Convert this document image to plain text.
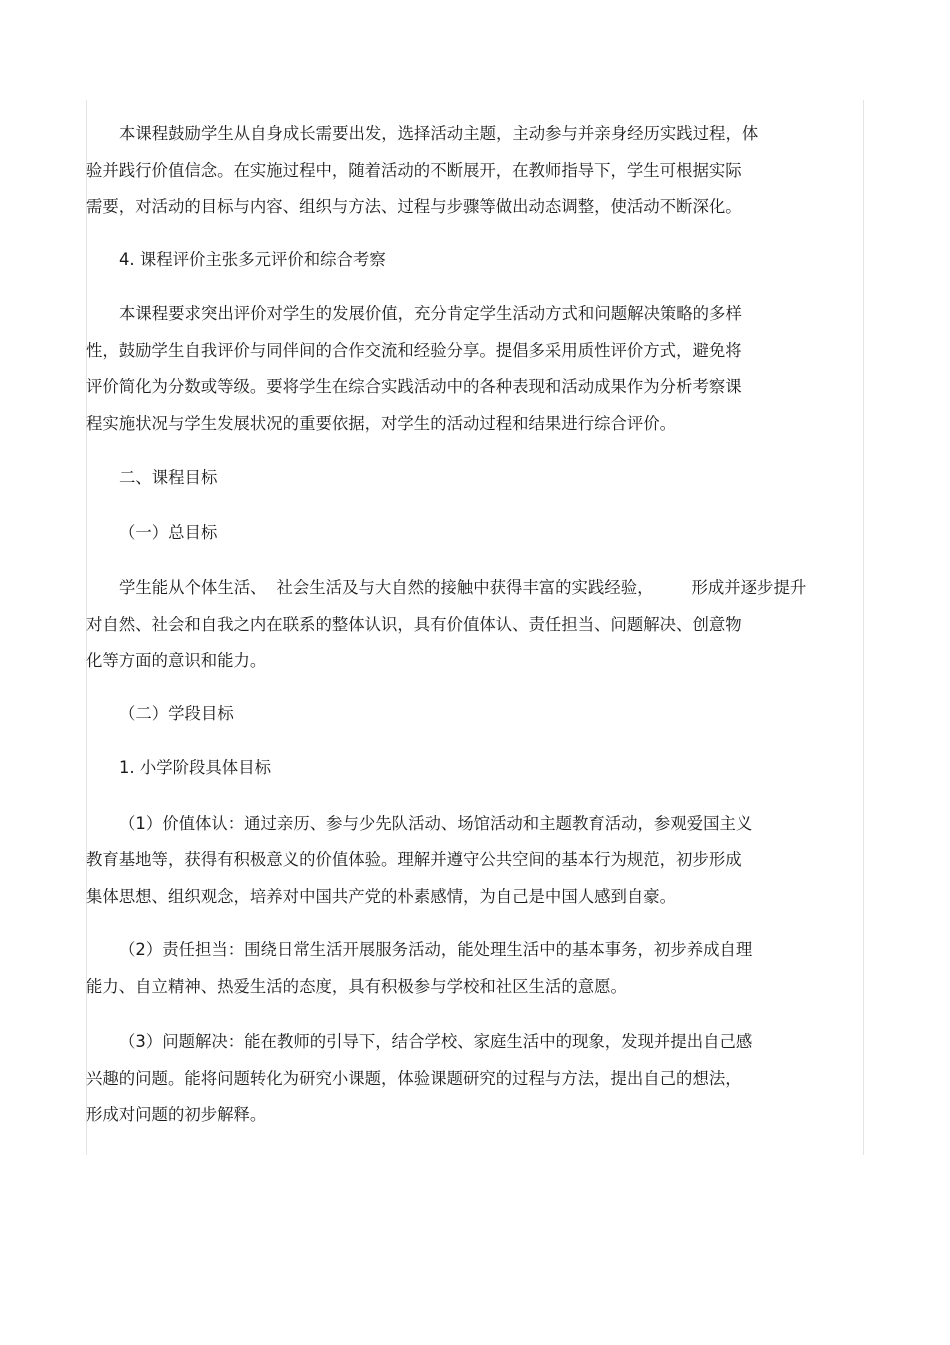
本课程鼓励学生从自身成长需要出发，选择活动主题，主动参与并亲身经历实践过程，体
验并践行价值信念。在实施过程中，随着活动的不断展开，在教师指导下，学生可根据实际
需要，对活动的目标与内容、组织与方法、过程与步骤等做出动态调整，使活动不断深化。
4. 课程评价主张多元评价和综合考察
本课程要求突出评价对学生的发展价值，充分肯定学生活动方式和问题解决策略的多样
性，鼓励学生自我评价与同伴间的合作交流和经验分享。提倡多采用质性评价方式，避免将
评价简化为分数或等级。要将学生在综合实践活动中的各种表现和活动成果作为分析考察课
程实施状况与学生发展状况的重要依据，对学生的活动过程和结果进行综合评价。
二、课程目标
（一）总目标
学生能从个体生活、 社会生活及与大自然的接触中获得丰富的实践经验， 形成并逐步提升
对自然、社会和自我之内在联系的整体认识，具有价值体认、责任担当、问题解决、创意物
化等方面的意识和能力。
（二）学段目标
1. 小学阶段具体目标
（1）价值体认：通过亲历、参与少先队活动、场馆活动和主题教育活动，参观爱国主义
教育基地等，获得有积极意义的价值体验。理解并遵守公共空间的基本行为规范，初步形成
集体思想、组织观念，培养对中国共产党的朴素感情，为自己是中国人感到自豪。
（2）责任担当：围绕日常生活开展服务活动，能处理生活中的基本事务，初步养成自理
能力、自立精神、热爱生活的态度，具有积极参与学校和社区生活的意愿。
（3）问题解决：能在教师的引导下，结合学校、家庭生活中的现象，发现并提出自己感
兴趣的问题。能将问题转化为研究小课题，体验课题研究的过程与方法，提出自己的想法，
形成对问题的初步解释。
